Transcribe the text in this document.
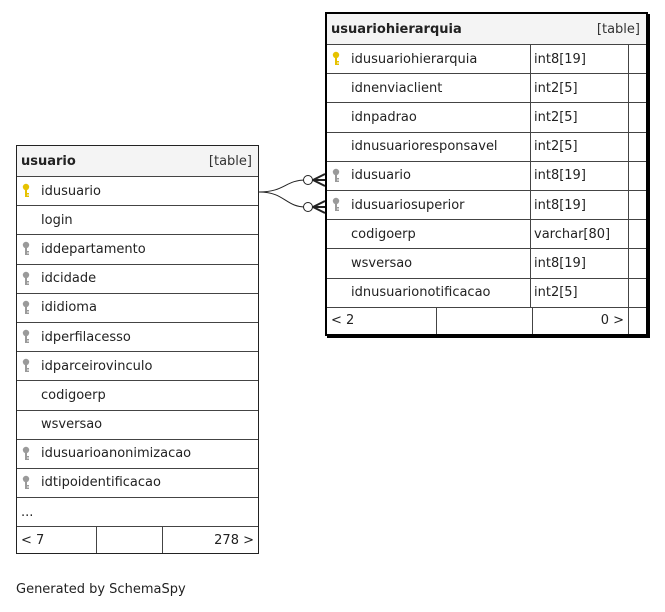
usuario	[table]
idusuario
login
iddepartamento
idcidade
ididioma
idperfilacesso
idparceirovinculo
codigoerp
wsversao
idusuarioanonimizacao
idtipoidentificacao
...
< 7	278 >
usuariohierarquia	[table]
idusuariohierarquia	int8[19]
idnenviaclient	int2[5]
idnpadrao	int2[5]
idnusuarioresponsavel	int2[5]
idusuario	int8[19]
idusuariosuperior	int8[19]
codigoerp	varchar[80]
wsversao	int8[19]
idnusuarionotificacao	int2[5]
< 2	0 >
Generated by SchemaSpy
